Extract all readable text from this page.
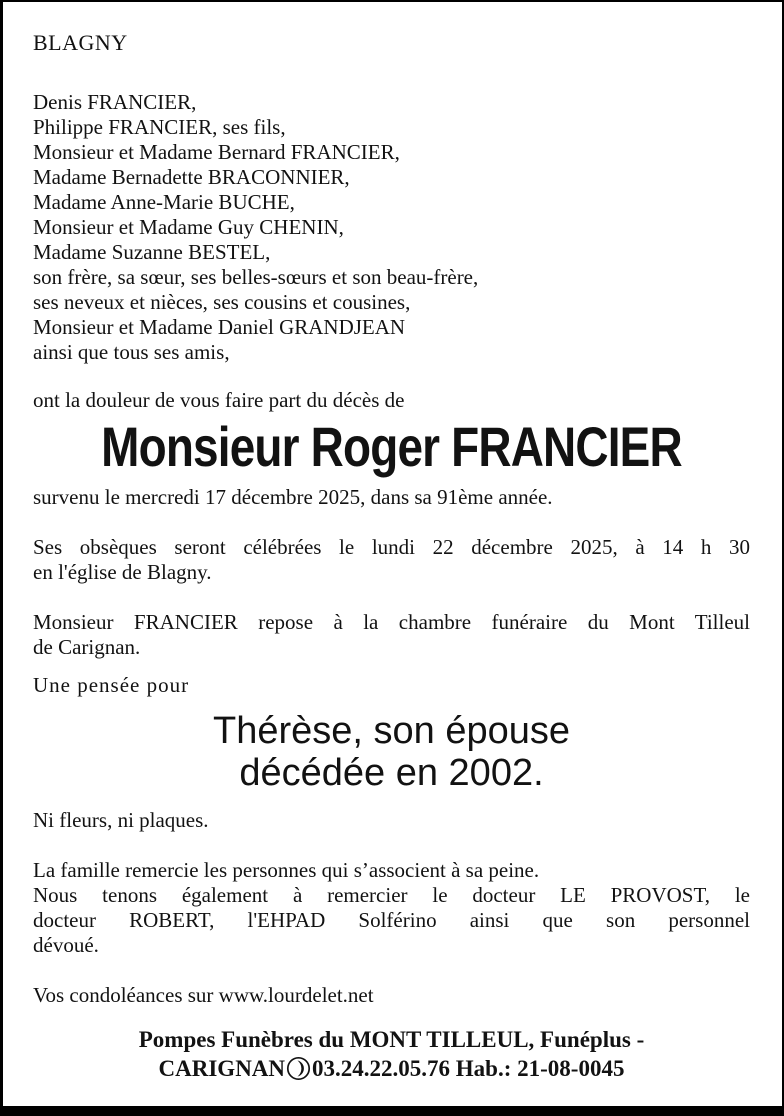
BLAGNY
Denis FRANCIER,
Philippe FRANCIER, ses fils,
Monsieur et Madame Bernard FRANCIER,
Madame Bernadette BRACONNIER,
Madame Anne-Marie BUCHE,
Monsieur et Madame Guy CHENIN,
Madame Suzanne BESTEL,
son frère, sa sœur, ses belles-sœurs et son beau-frère,
ses neveux et nièces, ses cousins et cousines,
Monsieur et Madame Daniel GRANDJEAN
ainsi que tous ses amis,
ont la douleur de vous faire part du décès de
Monsieur Roger FRANCIER
survenu le mercredi 17 décembre 2025, dans sa 91ème année.
Ses obsèques seront célébrées le lundi 22 décembre 2025, à 14 h 30
en l'église de Blagny.
Monsieur FRANCIER repose à la chambre funéraire du Mont Tilleul
de Carignan.
Une pensée pour
Thérèse, son épouse
décédée en 2002.
Ni fleurs, ni plaques.
La famille remercie les personnes qui s’associent à sa peine.
Nous tenons également à remercier le docteur LE PROVOST, le
docteur ROBERT, l'EHPAD Solférino ainsi que son personnel
dévoué.
Vos condoléances sur www.lourdelet.net
Pompes Funèbres du MONT TILLEUL, Funéplus -
CARIGNAN 03.24.22.05.76 Hab.: 21-08-0045
